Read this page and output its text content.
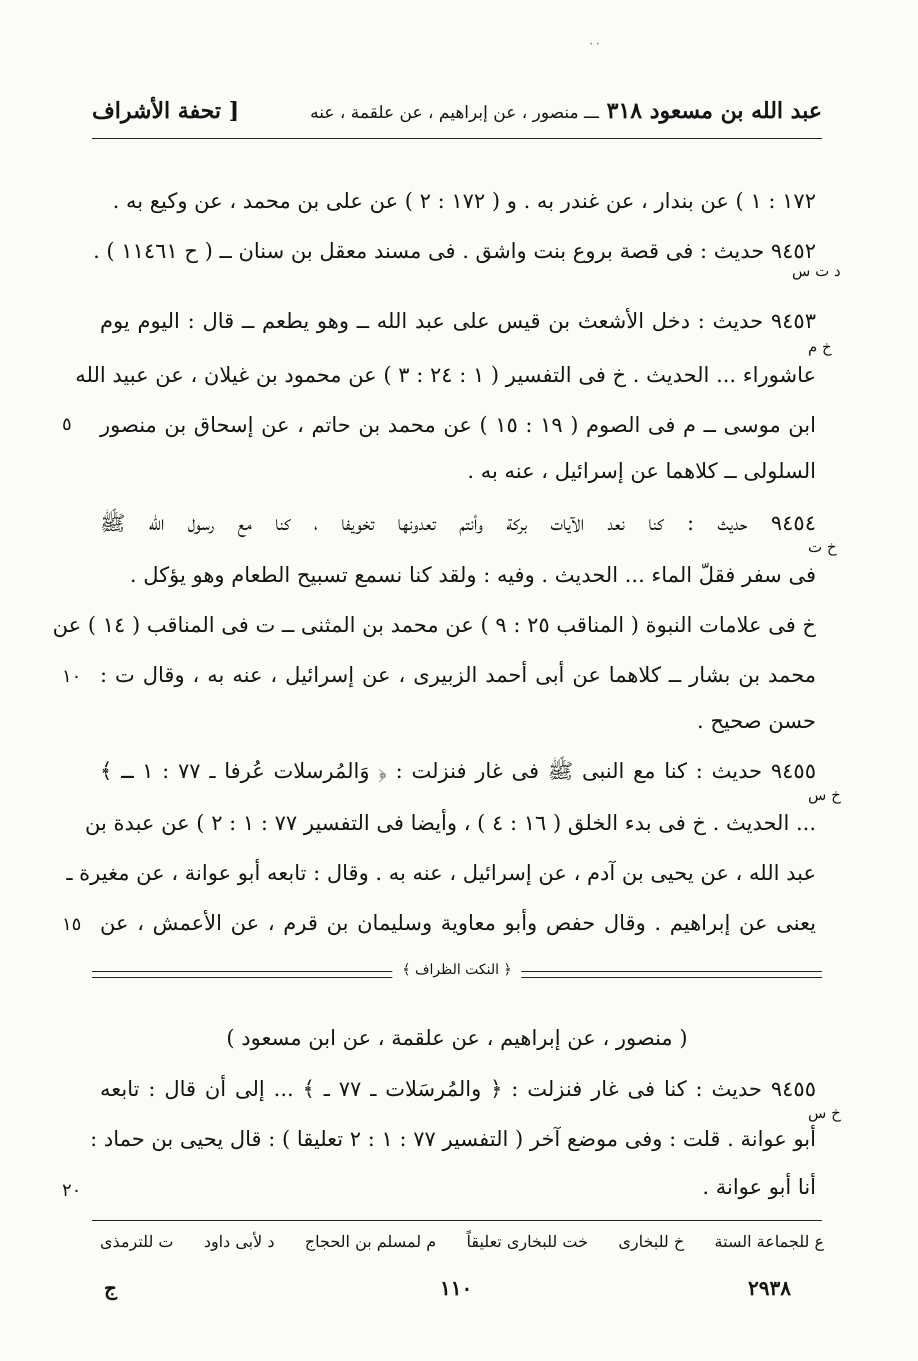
٠٠
عبد الله بن مسعود ٣١٨ ـــ منصور ، عن إبراهيم ، عن علقمة ، عنه
[ تحفة الأشراف
١٧٢ : ١ ) عن بندار ، عن غندر به . و ( ١٧٢ : ٢ ) عن على بن محمد ، عن وكيع به .
٩٤٥٢ حديث : فى قصة بروع بنت واشق . فى مسند معقل بن سنان ــ ( ح ١١٤٦١ ) .
د ت س
٩٤٥٣ حديث : دخل الأشعث بن قيس على عبد الله ــ وهو يطعم ــ قال : اليوم يوم
خ م
عاشوراء ... الحديث . خ فى التفسير ( ١ : ٢٤ : ٣ ) عن محمود بن غيلان ، عن عبيد الله
ابن موسى ــ م فى الصوم ( ١٩ : ١٥ ) عن محمد بن حاتم ، عن إسحاق بن منصور
٥
السلولى ــ كلاهما عن إسرائيل ، عنه به .
٩٤٥٤ حديث : كنا نعد الآيات بركة وأنتم تعدونها تخويفا ، كنا مع رسول الله ﷺ
خ ت
فى سفر فقلّ الماء ... الحديث . وفيه : ولقد كنا نسمع تسبيح الطعام وهو يؤكل .
خ فى علامات النبوة ( المناقب ٢٥ : ٩ ) عن محمد بن المثنى ــ ت فى المناقب ( ١٤ ) عن
محمد بن بشار ــ كلاهما عن أبى أحمد الزبيرى ، عن إسرائيل ، عنه به ، وقال ت :
١٠
حسن صحيح .
٩٤٥٥ حديث : كنا مع النبى ﷺ فى غار فنزلت : ﴿ وَالمُرسلات عُرفا ـ ٧٧ : ١ ـ ﴾
خ س
... الحديث . خ فى بدء الخلق ( ١٦ : ٤ ) ، وأيضا فى التفسير ٧٧ : ١ : ٢ ) عن عبدة بن
عبد الله ، عن يحيى بن آدم ، عن إسرائيل ، عنه به . وقال : تابعه أبو عوانة ، عن مغيرة ـ
يعنى عن إبراهيم . وقال حفص وأبو معاوية وسليمان بن قرم ، عن الأعمش ، عن
١٥
﴿ النكت الظراف ﴾
( منصور ، عن إبراهيم ، عن علقمة ، عن ابن مسعود )
٩٤٥٥ حديث : كنا فى غار فنزلت : ﴿ والمُرسَلات ـ ٧٧ ـ ﴾ ... إلى أن قال : تابعه
خ س
أبو عوانة . قلت : وفى موضع آخر ( التفسير ٧٧ : ١ : ٢ تعليقا ) : قال يحيى بن حماد :
أنا أبو عوانة .
٢٠
ع للجماعة الستة
خ للبخارى
خت للبخارى تعليقاً
م لمسلم بن الحجاج
د لأبى داود
ت للترمذى
٢٩٣٨
١١٠
ج
